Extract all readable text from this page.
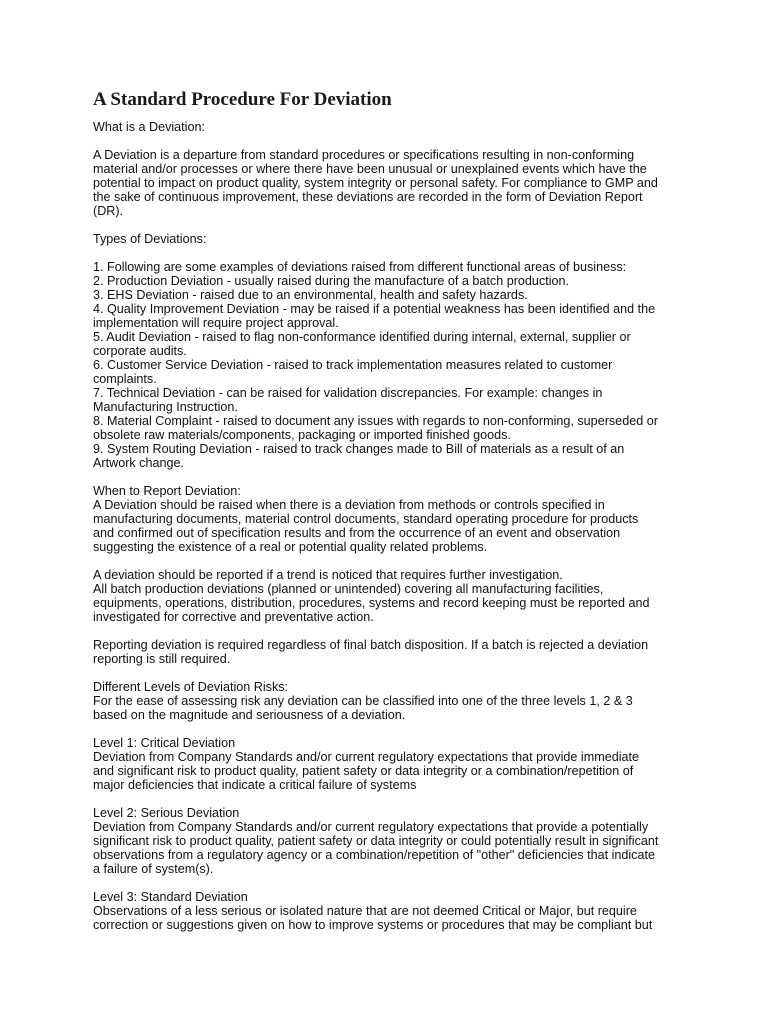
A Standard Procedure For Deviation
What is a Deviation:
A Deviation is a departure from standard procedures or specifications resulting in non-conforming
material and/or processes or where there have been unusual or unexplained events which have the
potential to impact on product quality, system integrity or personal safety. For compliance to GMP and
the sake of continuous improvement, these deviations are recorded in the form of Deviation Report
(DR).
Types of Deviations:
1. Following are some examples of deviations raised from different functional areas of business:
2. Production Deviation - usually raised during the manufacture of a batch production.
3. EHS Deviation - raised due to an environmental, health and safety hazards.
4. Quality Improvement Deviation - may be raised if a potential weakness has been identified and the
implementation will require project approval.
5. Audit Deviation - raised to flag non-conformance identified during internal, external, supplier or
corporate audits.
6. Customer Service Deviation - raised to track implementation measures related to customer
complaints.
7. Technical Deviation - can be raised for validation discrepancies. For example: changes in
Manufacturing Instruction.
8. Material Complaint - raised to document any issues with regards to non-conforming, superseded or
obsolete raw materials/components, packaging or imported finished goods.
9. System Routing Deviation - raised to track changes made to Bill of materials as a result of an
Artwork change.
When to Report Deviation:
A Deviation should be raised when there is a deviation from methods or controls specified in
manufacturing documents, material control documents, standard operating procedure for products
and confirmed out of specification results and from the occurrence of an event and observation
suggesting the existence of a real or potential quality related problems.
A deviation should be reported if a trend is noticed that requires further investigation.
All batch production deviations (planned or unintended) covering all manufacturing facilities,
equipments, operations, distribution, procedures, systems and record keeping must be reported and
investigated for corrective and preventative action.
Reporting deviation is required regardless of final batch disposition. If a batch is rejected a deviation
reporting is still required.
Different Levels of Deviation Risks:
For the ease of assessing risk any deviation can be classified into one of the three levels 1, 2 & 3
based on the magnitude and seriousness of a deviation.
Level 1: Critical Deviation
Deviation from Company Standards and/or current regulatory expectations that provide immediate
and significant risk to product quality, patient safety or data integrity or a combination/repetition of
major deficiencies that indicate a critical failure of systems
Level 2: Serious Deviation
Deviation from Company Standards and/or current regulatory expectations that provide a potentially
significant risk to product quality, patient safety or data integrity or could potentially result in significant
observations from a regulatory agency or a combination/repetition of "other" deficiencies that indicate
a failure of system(s).
Level 3: Standard Deviation
Observations of a less serious or isolated nature that are not deemed Critical or Major, but require
correction or suggestions given on how to improve systems or procedures that may be compliant but
